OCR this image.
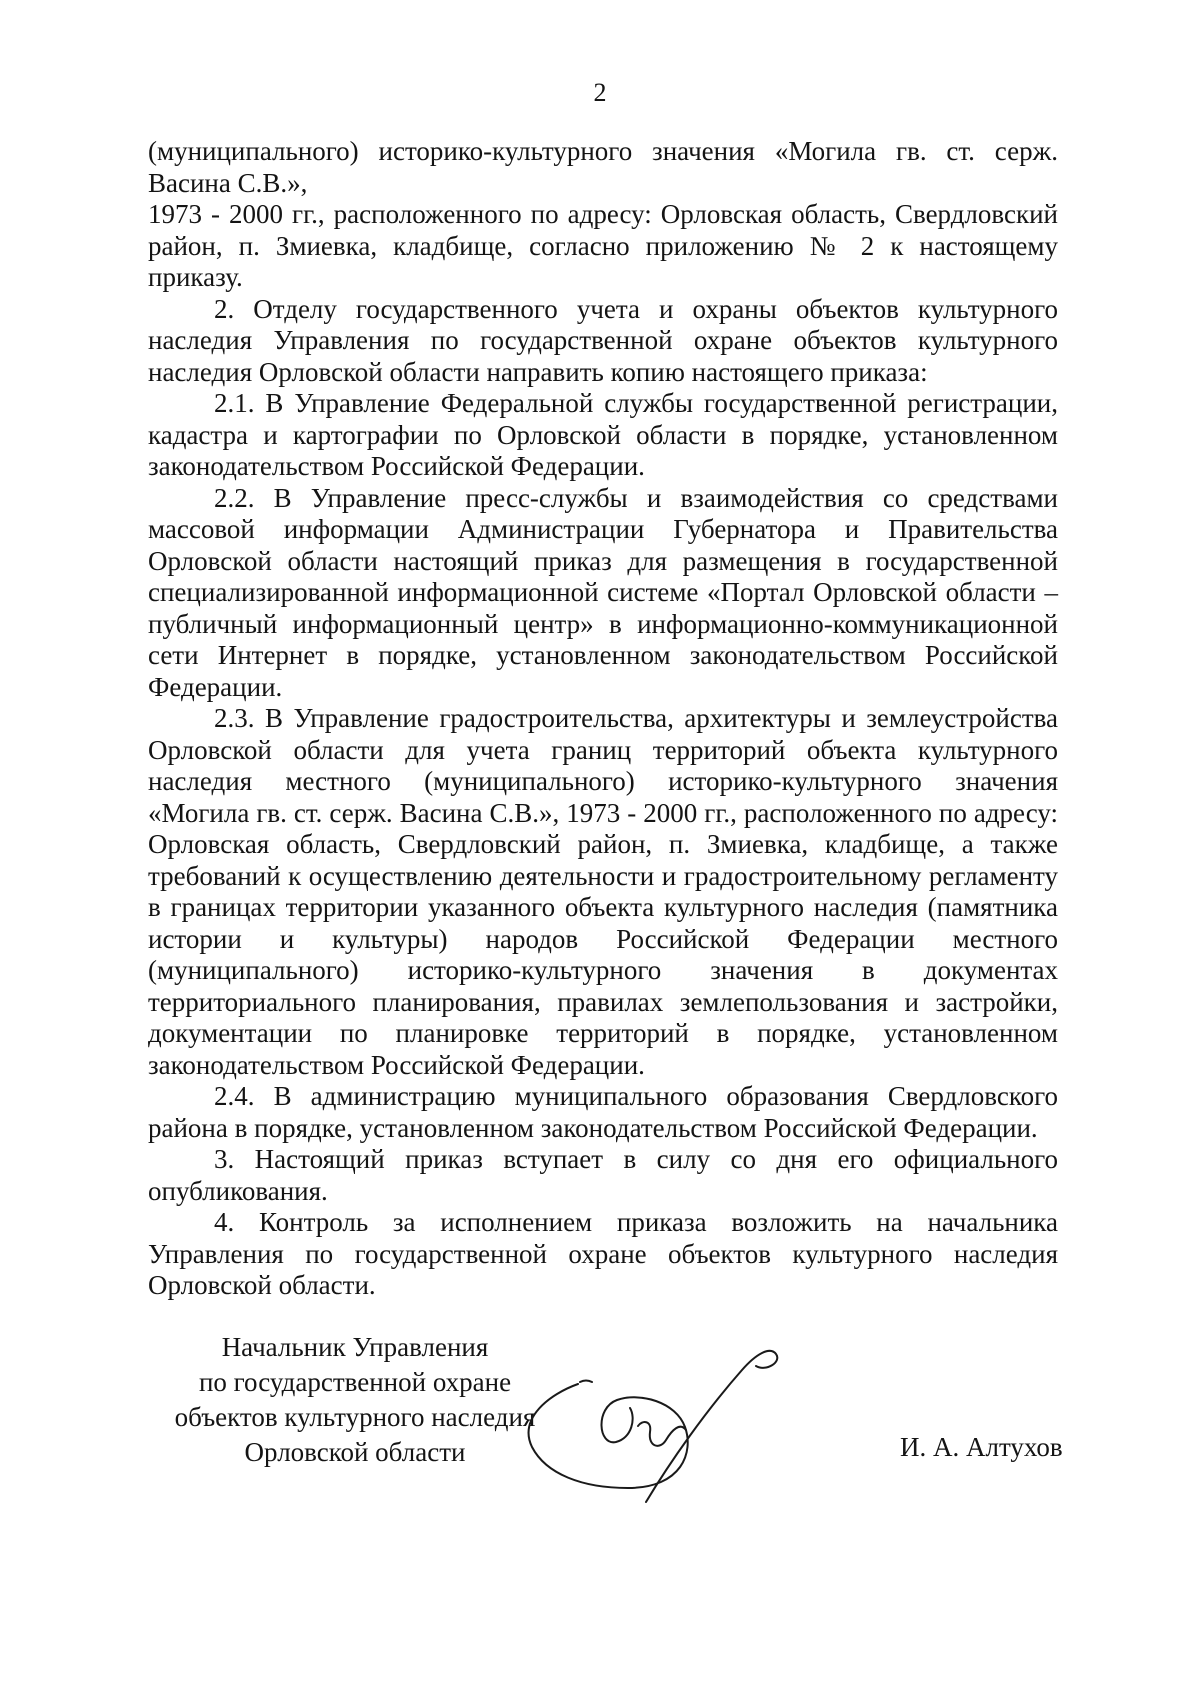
2

(муниципального) историко-культурного значения «Могила гв. ст. серж. Васина С.В.»,

1973 - 2000 гг., расположенного по адресу: Орловская область, Свердловский район, п. Змиевка, кладбище, согласно приложению № 2 к настоящему приказу.

2. Отделу государственного учета и охраны объектов культурного наследия Управления по государственной охране объектов культурного наследия Орловской области направить копию настоящего приказа:

2.1. В Управление Федеральной службы государственной регистрации, кадастра и картографии по Орловской области в порядке, установленном законодательством Российской Федерации.

2.2. В Управление пресс-службы и взаимодействия со средствами массовой информации Администрации Губернатора и Правительства Орловской области настоящий приказ для размещения в государственной специализированной информационной системе «Портал Орловской области – публичный информационный центр» в информационно-коммуникационной сети Интернет в порядке, установленном законодательством Российской Федерации.

2.3. В Управление градостроительства, архитектуры и землеустройства Орловской области для учета границ территорий объекта культурного наследия местного (муниципального) историко-культурного значения «Могила гв. ст. серж. Васина С.В.», 1973 - 2000 гг., расположенного по адресу: Орловская область, Свердловский район, п. Змиевка, кладбище, а также требований к осуществлению деятельности и градостроительному регламенту в границах территории указанного объекта культурного наследия (памятника истории и культуры) народов Российской Федерации местного (муниципального) историко-культурного значения в документах территориального планирования, правилах землепользования и застройки, документации по планировке территорий в порядке, установленном законодательством Российской Федерации.

2.4. В администрацию муниципального образования Свердловского района в порядке, установленном законодательством Российской Федерации.

3. Настоящий приказ вступает в силу со дня его официального опубликования.

4. Контроль за исполнением приказа возложить на начальника Управления по государственной охране объектов культурного наследия Орловской области.

Начальник Управления
по государственной охране
объектов культурного наследия
Орловской области	И. А. Алтухов
